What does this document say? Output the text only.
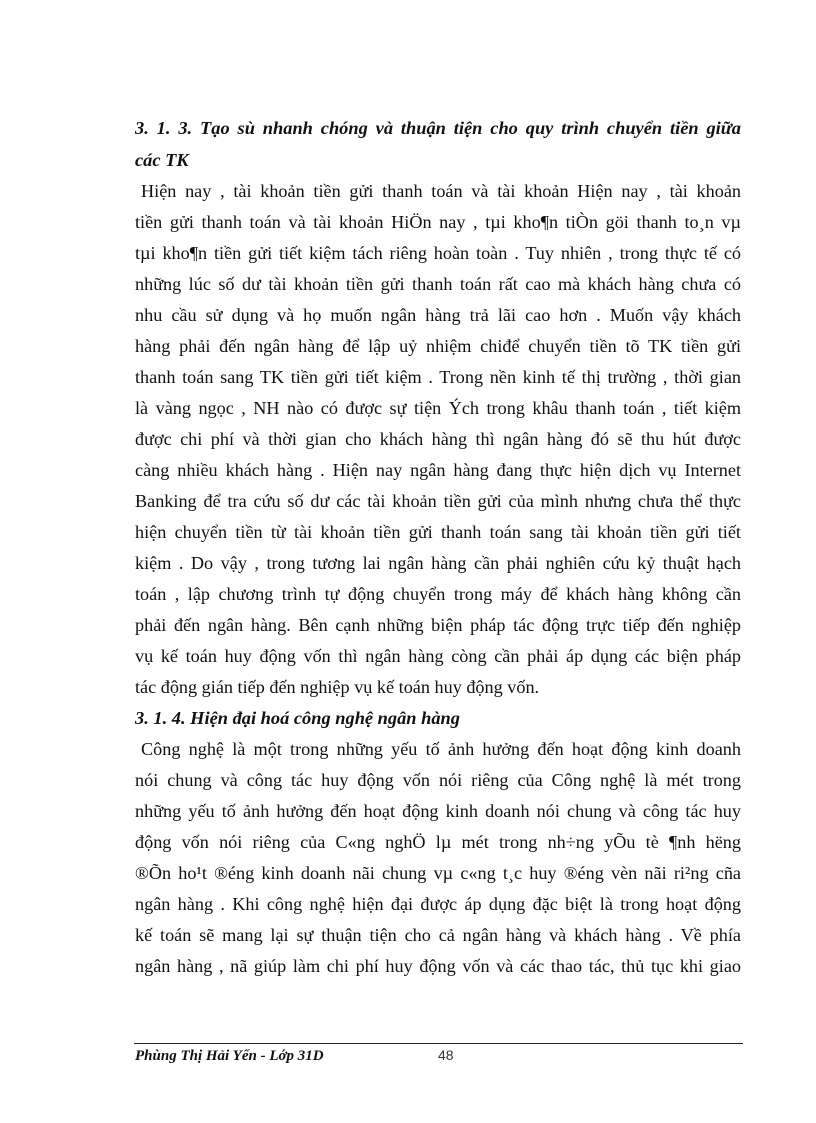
3. 1. 3. Tạo sù nhanh chóng và thuận tiện cho quy trình chuyển tiền giữa
các TK
Hiện nay , tài khoản tiền gửi thanh toán và tài khoản Hiện nay , tài khoản
tiền gửi thanh toán và tài khoản HiÖn nay , tµi kho¶n tiÒn göi thanh to¸n vµ
tµi kho¶n tiền gửi tiết kiệm tách riêng hoàn toàn . Tuy nhiên , trong thực tế có
những lúc số dư tài khoản tiền gửi thanh toán rất cao mà khách hàng chưa có
nhu cầu sử dụng và họ muốn ngân hàng trả lãi cao hơn . Muốn vậy khách
hàng phải đến ngân hàng để lập uỷ nhiệm chiđể chuyển tiền tõ TK tiền gửi
thanh toán sang TK tiền gửi tiết kiệm . Trong nền kinh tế thị trường , thời gian
là vàng ngọc , NH nào có được sự tiện Ých trong khâu thanh toán , tiết kiệm
được chi phí và thời gian cho khách hàng thì ngân hàng đó sẽ thu hút được
càng nhiều khách hàng . Hiện nay ngân hàng đang thực hiện dịch vụ Internet
Banking để tra cứu số dư các tài khoản tiền gửi của mình nhưng chưa thể thực
hiện chuyển tiền từ tài khoản tiền gửi thanh toán sang tài khoản tiền gửi tiết
kiệm . Do vậy , trong tương lai ngân hàng cần phải nghiên cứu kỷ thuật hạch
toán , lập chương trình tự động chuyển trong máy để khách hàng không cần
phải đến ngân hàng. Bên cạnh những biện pháp tác động trực tiếp đến nghiệp
vụ kế toán huy động vốn thì ngân hàng còng cần phải áp dụng các biện pháp
tác động gián tiếp đến nghiệp vụ kế toán huy động vốn.
3. 1. 4. Hiện đại hoá công nghệ ngân hàng
Công nghệ là một trong những yếu tố ảnh hưởng đến hoạt động kinh doanh
nói chung và công tác huy động vốn nói riêng của Công nghệ là mét trong
những yếu tố ảnh hưởng đến hoạt động kinh doanh nói chung và công tác huy
động vốn nói riêng của C«ng nghÖ lµ mét trong nh÷ng yÕu tè ¶nh hëng
®Õn ho¹t ®éng kinh doanh nãi chung vµ c«ng t¸c huy ®éng vèn nãi ri²ng cña
ngân hàng . Khi công nghệ hiện đại được áp dụng đặc biệt là trong hoạt động
kế toán sẽ mang lại sự thuận tiện cho cả ngân hàng và khách hàng . Về phía
ngân hàng , nã giúp làm chi phí huy động vốn và các thao tác, thủ tục khi giao
Phùng Thị Hải Yến - Lớp 31D	48
